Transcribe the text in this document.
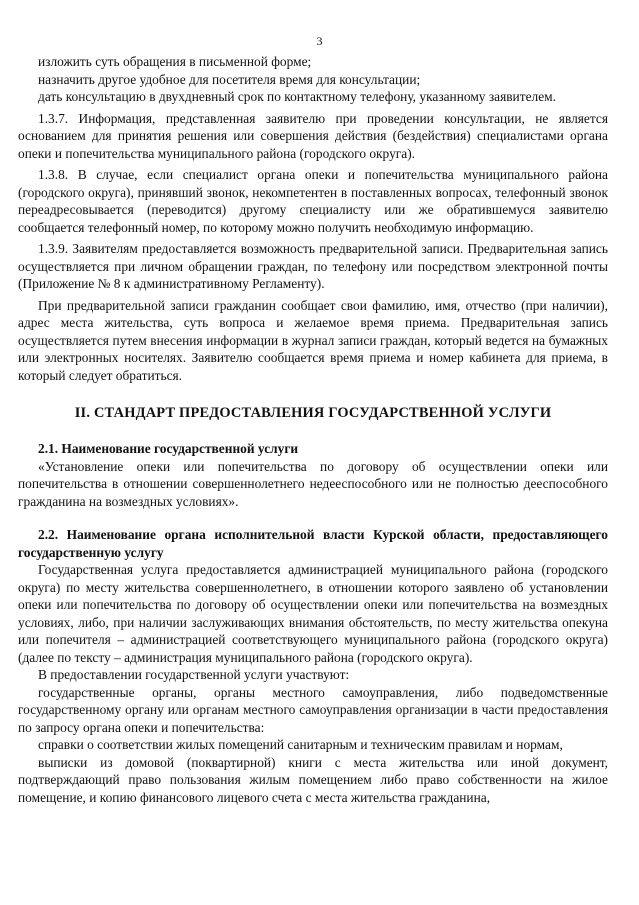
3

изложить суть обращения в письменной форме;

назначить другое удобное для посетителя время для консультации;

дать консультацию в двухдневный срок по контактному телефону, указанному заявителем.

1.3.7. Информация, представленная заявителю при проведении консультации, не является основанием для принятия решения или совершения действия (бездействия) специалистами органа опеки и попечительства муниципального района (городского округа).

1.3.8. В случае, если специалист органа опеки и попечительства муниципального района (городского округа), принявший звонок, некомпетентен в поставленных вопросах, телефонный звонок переадресовывается (переводится) другому специалисту или же обратившемуся заявителю сообщается телефонный номер, по которому можно получить необходимую информацию.

1.3.9. Заявителям предоставляется возможность предварительной записи. Предварительная запись осуществляется при личном обращении граждан, по телефону или посредством электронной почты (Приложение № 8 к административному Регламенту).

При предварительной записи гражданин сообщает свои фамилию, имя, отчество (при наличии), адрес места жительства, суть вопроса и желаемое время приема. Предварительная запись осуществляется путем внесения информации в журнал записи граждан, который ведется на бумажных или электронных носителях. Заявителю сообщается время приема и номер кабинета для приема, в который следует обратиться.

II. СТАНДАРТ ПРЕДОСТАВЛЕНИЯ ГОСУДАРСТВЕННОЙ УСЛУГИ

2.1. Наименование государственной услуги

«Установление опеки или попечительства по договору об осуществлении опеки или попечительства в отношении совершеннолетнего недееспособного или не полностью дееспособного гражданина на возмездных условиях».

2.2. Наименование органа исполнительной власти Курской области, предоставляющего государственную услугу

Государственная услуга предоставляется администрацией муниципального района (городского округа) по месту жительства совершеннолетнего, в отношении которого заявлено об установлении опеки или попечительства по договору об осуществлении опеки или попечительства на возмездных условиях, либо, при наличии заслуживающих внимания обстоятельств, по месту жительства опекуна или попечителя – администрацией соответствующего муниципального района (городского округа) (далее по тексту – администрация муниципального района (городского округа).

В предоставлении государственной услуги участвуют:

государственные органы, органы местного самоуправления, либо подведомственные государственному органу или органам местного самоуправления организации в части предоставления по запросу органа опеки и попечительства:

справки о соответствии жилых помещений санитарным и техническим правилам и нормам,

выписки из домовой (поквартирной) книги с места жительства или иной документ, подтверждающий право пользования жилым помещением либо право собственности на жилое помещение, и копию финансового лицевого счета с места жительства гражданина,
